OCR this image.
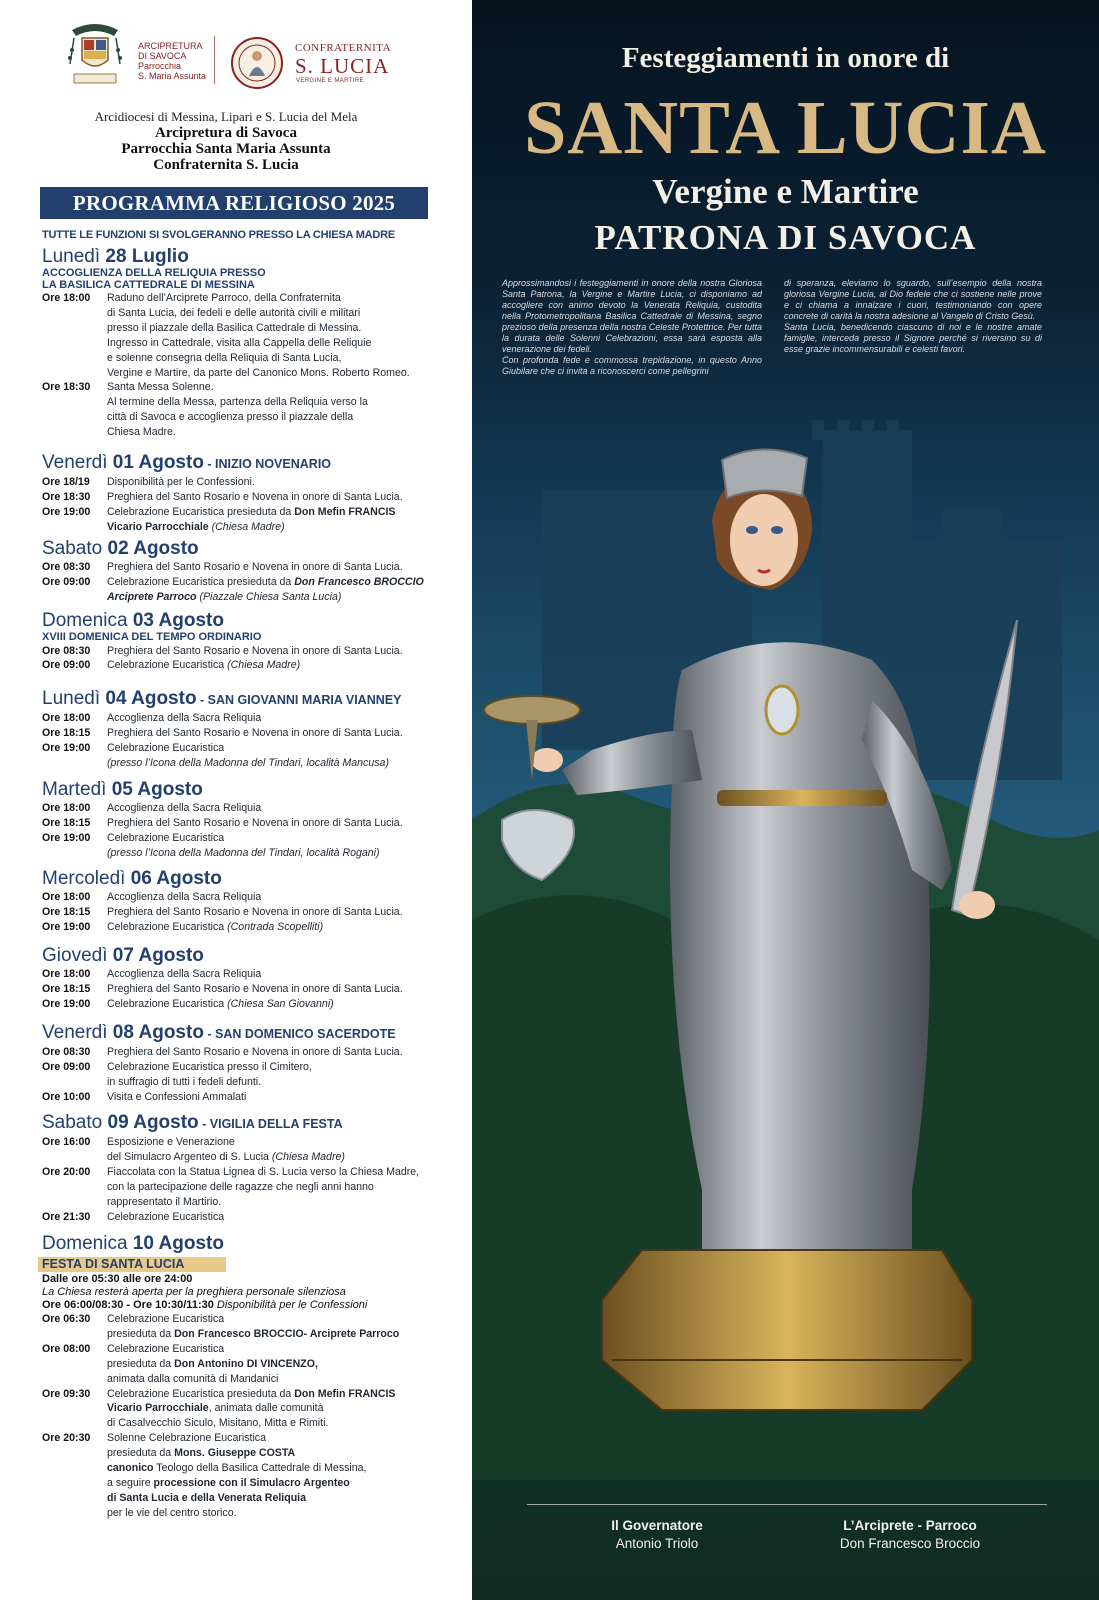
ARCIPRETURA
DI SAVOCA
Parrocchia
S. Maria Assunta
CONFRATERNITA
S. LUCIA
VERGINE E MARTIRE
Arcidiocesi di Messina, Lipari e S. Lucia del Mela
Arcipretura di Savoca
Parrocchia Santa Maria Assunta
Confraternita S. Lucia
PROGRAMMA RELIGIOSO 2025
TUTTE LE FUNZIONI SI SVOLGERANNO PRESSO LA CHIESA MADRE
Lunedì 28 Luglio
ACCOGLIENZA DELLA RELIQUIA PRESSO
LA BASILICA CATTEDRALE DI MESSINA
Ore 18:00 Raduno dell’Arciprete Parroco, della Confraternita
di Santa Lucia, dei fedeli e delle autorità civili e militari
presso il piazzale della Basilica Cattedrale di Messina.
Ingresso in Cattedrale, visita alla Cappella delle Reliquie
e solenne consegna della Reliquia di Santa Lucia,
Vergine e Martire, da parte del Canonico Mons. Roberto Romeo.
Ore 18:30 Santa Messa Solenne.
Al termine della Messa, partenza della Reliquia verso la
città di Savoca e accoglienza presso il piazzale della
Chiesa Madre.
Venerdì 01 Agosto - INIZIO NOVENARIO
Ore 18/19 Disponibilità per le Confessioni.
Ore 18:30 Preghiera del Santo Rosario e Novena in onore di Santa Lucia.
Ore 19:00 Celebrazione Eucaristica presieduta da Don Mefin FRANCIS
Vicario Parrocchiale (Chiesa Madre)
Sabato 02 Agosto
Ore 08:30 Preghiera del Santo Rosario e Novena in onore di Santa Lucia.
Ore 09:00 Celebrazione Eucaristica presieduta da Don Francesco BROCCIO
Arciprete Parroco (Piazzale Chiesa Santa Lucia)
Domenica 03 Agosto
XVIII DOMENICA DEL TEMPO ORDINARIO
Ore 08:30 Preghiera del Santo Rosario e Novena in onore di Santa Lucia.
Ore 09:00 Celebrazione Eucaristica (Chiesa Madre)
Lunedì 04 Agosto - SAN GIOVANNI MARIA VIANNEY
Ore 18:00 Accoglienza della Sacra Reliquia
Ore 18:15 Preghiera del Santo Rosario e Novena in onore di Santa Lucia.
Ore 19:00 Celebrazione Eucaristica
(presso l’Icona della Madonna del Tindari, località Mancusa)
Martedì 05 Agosto
Ore 18:00 Accoglienza della Sacra Reliquia
Ore 18:15 Preghiera del Santo Rosario e Novena in onore di Santa Lucia.
Ore 19:00 Celebrazione Eucaristica
(presso l’Icona della Madonna del Tindari, località Rogani)
Mercoledì 06 Agosto
Ore 18:00 Accoglienza della Sacra Reliquia
Ore 18:15 Preghiera del Santo Rosario e Novena in onore di Santa Lucia.
Ore 19:00 Celebrazione Eucaristica (Contrada Scopelliti)
Giovedì 07 Agosto
Ore 18:00 Accoglienza della Sacra Reliquia
Ore 18:15 Preghiera del Santo Rosario e Novena in onore di Santa Lucia.
Ore 19:00 Celebrazione Eucaristica (Chiesa San Giovanni)
Venerdì 08 Agosto - SAN DOMENICO SACERDOTE
Ore 08:30 Preghiera del Santo Rosario e Novena in onore di Santa Lucia.
Ore 09:00 Celebrazione Eucaristica presso il Cimitero,
in suffragio di tutti i fedeli defunti.
Ore 10:00 Visita e Confessioni Ammalati
Sabato 09 Agosto - VIGILIA DELLA FESTA
Ore 16:00 Esposizione e Venerazione
del Simulacro Argenteo di S. Lucia (Chiesa Madre)
Ore 20:00 Fiaccolata con la Statua Lignea di S. Lucia verso la Chiesa Madre,
con la partecipazione delle ragazze che negli anni hanno
rappresentato il Martirio.
Ore 21:30 Celebrazione Eucaristica
Domenica 10 Agosto
FESTA DI SANTA LUCIA
Dalle ore 05:30 alle ore 24:00
La Chiesa resterà aperta per la preghiera personale silenziosa
Ore 06:00/08:30 - Ore 10:30/11:30 Disponibilità per le Confessioni
Ore 06:30 Celebrazione Eucaristica
presieduta da Don Francesco BROCCIO- Arciprete Parroco
Ore 08:00 Celebrazione Eucaristica
presieduta da Don Antonino DI VINCENZO,
animata dalla comunità di Mandanici
Ore 09:30 Celebrazione Eucaristica presieduta da Don Mefin FRANCIS
Vicario Parrocchiale, animata dalle comunità
di Casalvecchio Siculo, Misitano, Mitta e Rimiti.
Ore 20:30 Solenne Celebrazione Eucaristica
presieduta da Mons. Giuseppe COSTA
canonico Teologo della Basilica Cattedrale di Messina,
a seguire processione con il Simulacro Argenteo
di Santa Lucia e della Venerata Reliquia
per le vie del centro storico.
Festeggiamenti in onore di
SANTA LUCIA
Vergine e Martire
PATRONA DI SAVOCA

Approssimandosi i festeggiamenti in onore della nostra Gloriosa Santa Patrona, la Vergine e Martire Lucia, ci disponiamo ad accogliere con animo devoto la Venerata Reliquia, custodita nella Protometropolitana Basilica Cattedrale di Messina, segno prezioso della presenza della nostra Celeste Protettrice. Per tutta la durata delle Solenni Celebrazioni, essa sarà esposta alla venerazione dei fedeli.

Con profonda fede e commossa trepidazione, in questo Anno Giubilare che ci invita a riconoscerci come pellegrini

di speranza, eleviamo lo sguardo, sull’esempio della nostra gloriosa Vergine Lucia, al Dio fedele che ci sostiene nelle prove e ci chiama a innalzare i cuori, testimoniando con opere concrete di carità la nostra adesione al Vangelo di Cristo Gesù.

Santa Lucia, benedicendo ciascuno di noi e le nostre amate famiglie, interceda presso il Signore perché si riversino su di esse grazie incommensurabili e celesti favori.

Il Governatore
Antonio Triolo
L’Arciprete - Parroco
Don Francesco Broccio
